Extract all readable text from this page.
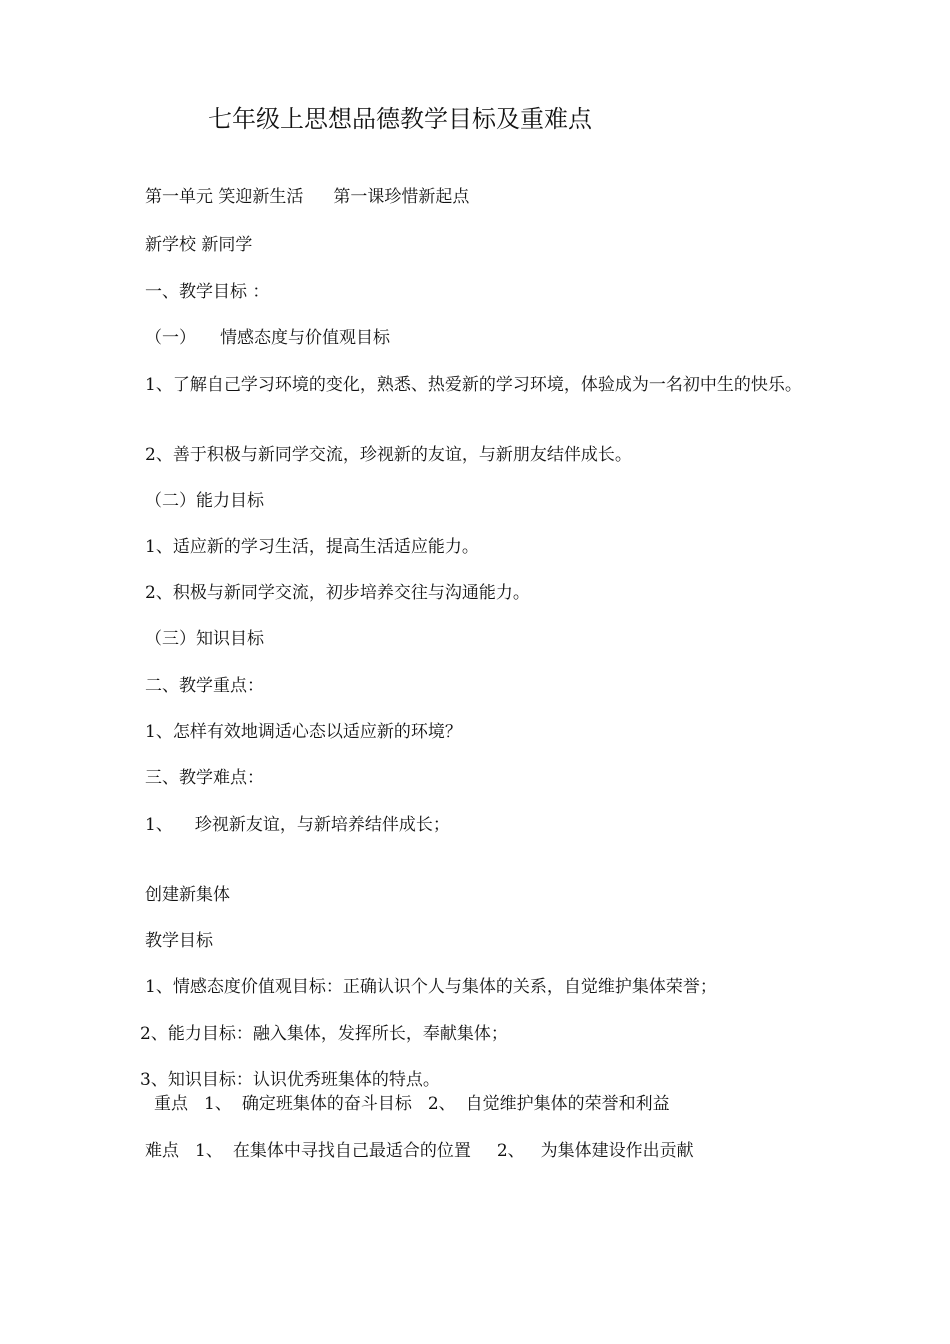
七年级上思想品德教学目标及重难点
第一单元 笑迎新生活 第一课珍惜新起点
新学校 新同学
一、教学目标 ：
（一） 情感态度与价值观目标
1、了解自己学习环境的变化，熟悉、热爱新的学习环境，体验成为一名初中生的快乐。
2、善于积极与新同学交流，珍视新的友谊，与新朋友结伴成长。
（二）能力目标
1、适应新的学习生活，提高生活适应能力。
2、积极与新同学交流，初步培养交往与沟通能力。
（三）知识目标
二、教学重点：
1、怎样有效地调适心态以适应新的环境？
三、教学难点：
1、 珍视新友谊，与新培养结伴成长；
创建新集体
教学目标
1、情感态度价值观目标：正确认识个人与集体的关系，自觉维护集体荣誉；
2、能力目标：融入集体，发挥所长，奉献集体；
3、知识目标：认识优秀班集体的特点。
重点 1、 确定班集体的奋斗目标 2、 自觉维护集体的荣誉和利益
难点 1、 在集体中寻找自己最适合的位置 2、 为集体建设作出贡献
